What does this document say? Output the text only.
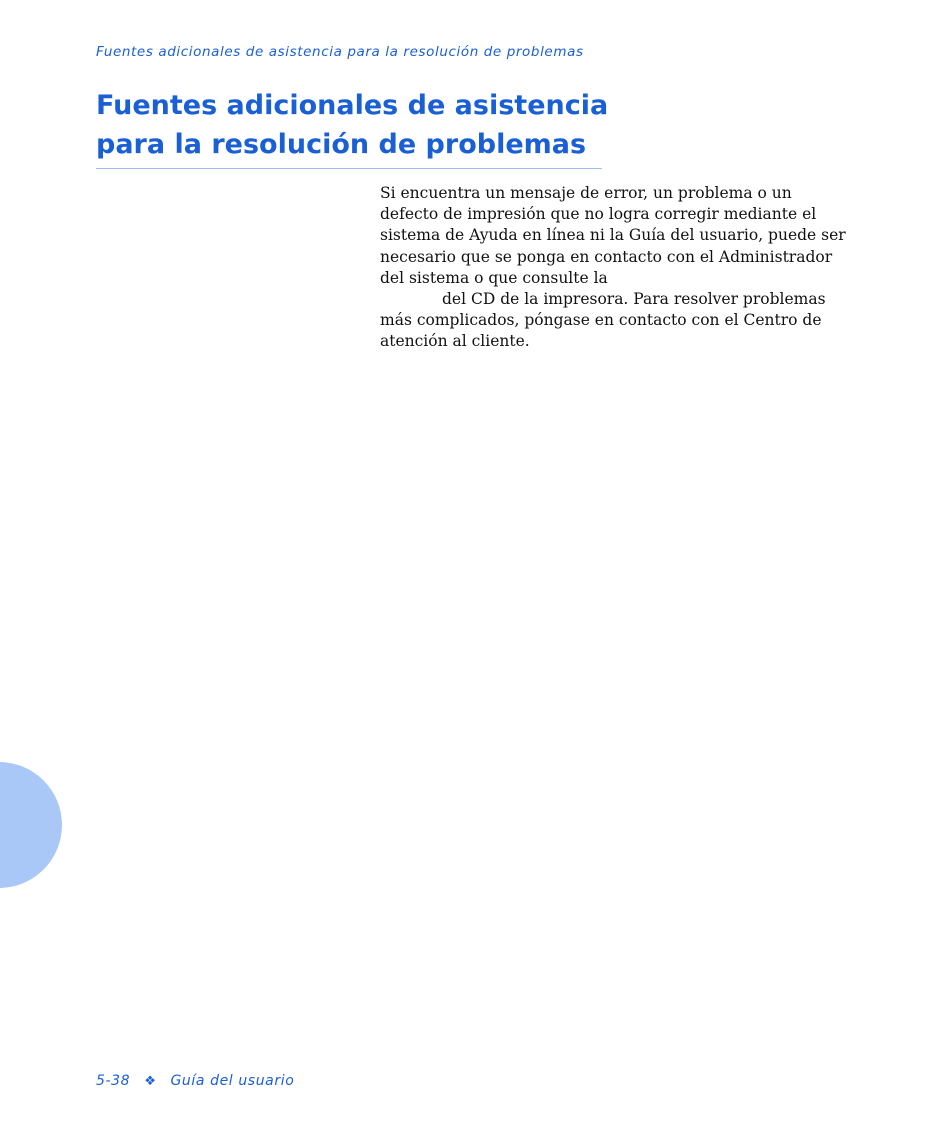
Fuentes adicionales de asistencia para la resolución de problemas
Fuentes adicionales de asistencia
para la resolución de problemas

Si encuentra un mensaje de error, un problema o un
defecto de impresión que no logra corregir mediante el
sistema de Ayuda en línea ni la Guía del usuario, puede ser
necesario que se ponga en contacto con el Administrador
del sistema o que consulte la
del CD de la impresora. Para resolver problemas
más complicados, póngase en contacto con el Centro de
atención al cliente.

5-38 ❖ Guía del usuario
